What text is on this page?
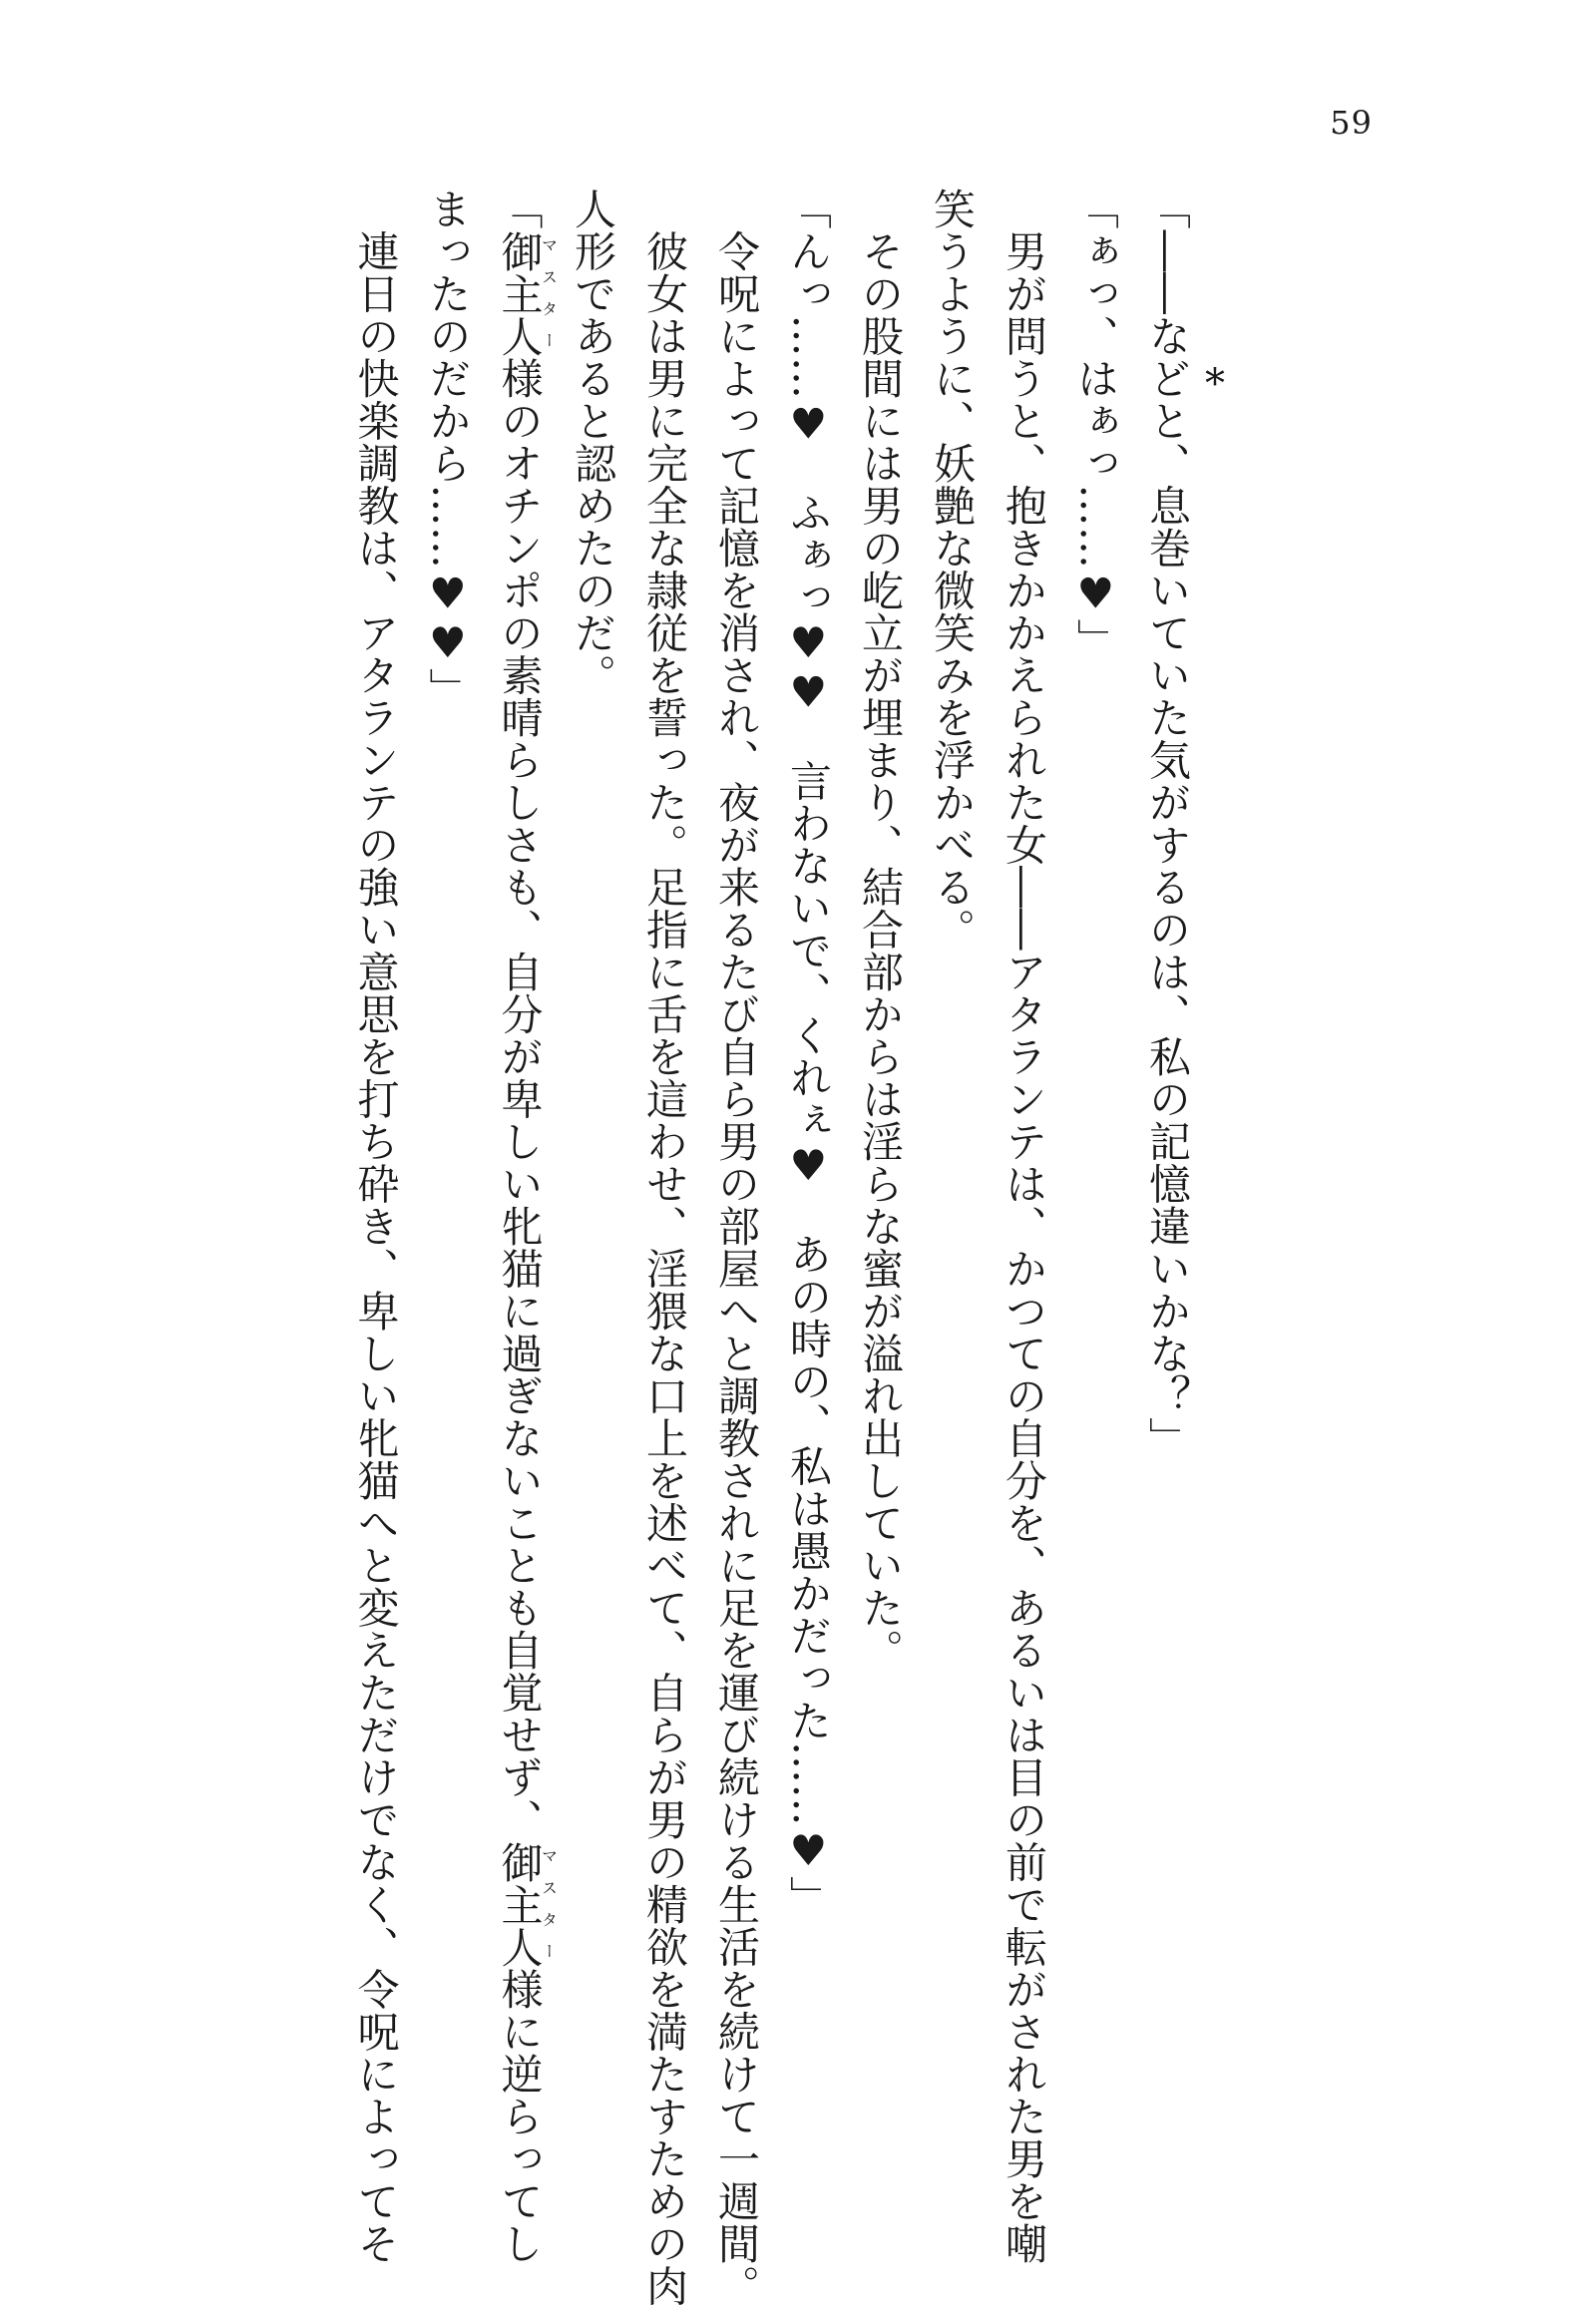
59
*
「――などと、息巻いていた気がするのは、私の記憶違いかな？」
「ぁっ、はぁっ……♥」
　男が問うと、抱きかかえられた女――アタランテは、かつての自分を、あるいは目の前で転がされた男を嘲
笑うように、妖艶な微笑みを浮かべる。
　その股間には男の屹立が埋まり、結合部からは淫らな蜜が溢れ出していた。
「んっ……♥　ふぁっ♥♥　言わないで、くれぇ♥　あの時の、私は愚かだった……♥」
　令呪によって記憶を消され、夜が来るたび自ら男の部屋へと調教されに足を運び続ける生活を続けて一週間。
　彼女は男に完全な隷従を誓った。足指に舌を這わせ、淫猥な口上を述べて、自らが男の精欲を満たすための肉
人形であると認めたのだ。
「御主人マスター様のオチンポの素晴らしさも、自分が卑しい牝猫に過ぎないことも自覚せず、御主人マスター様に逆らってし
まったのだから……♥♥」
　連日の快楽調教は、アタランテの強い意思を打ち砕き、卑しい牝猫へと変えただけでなく、令呪によってそ
